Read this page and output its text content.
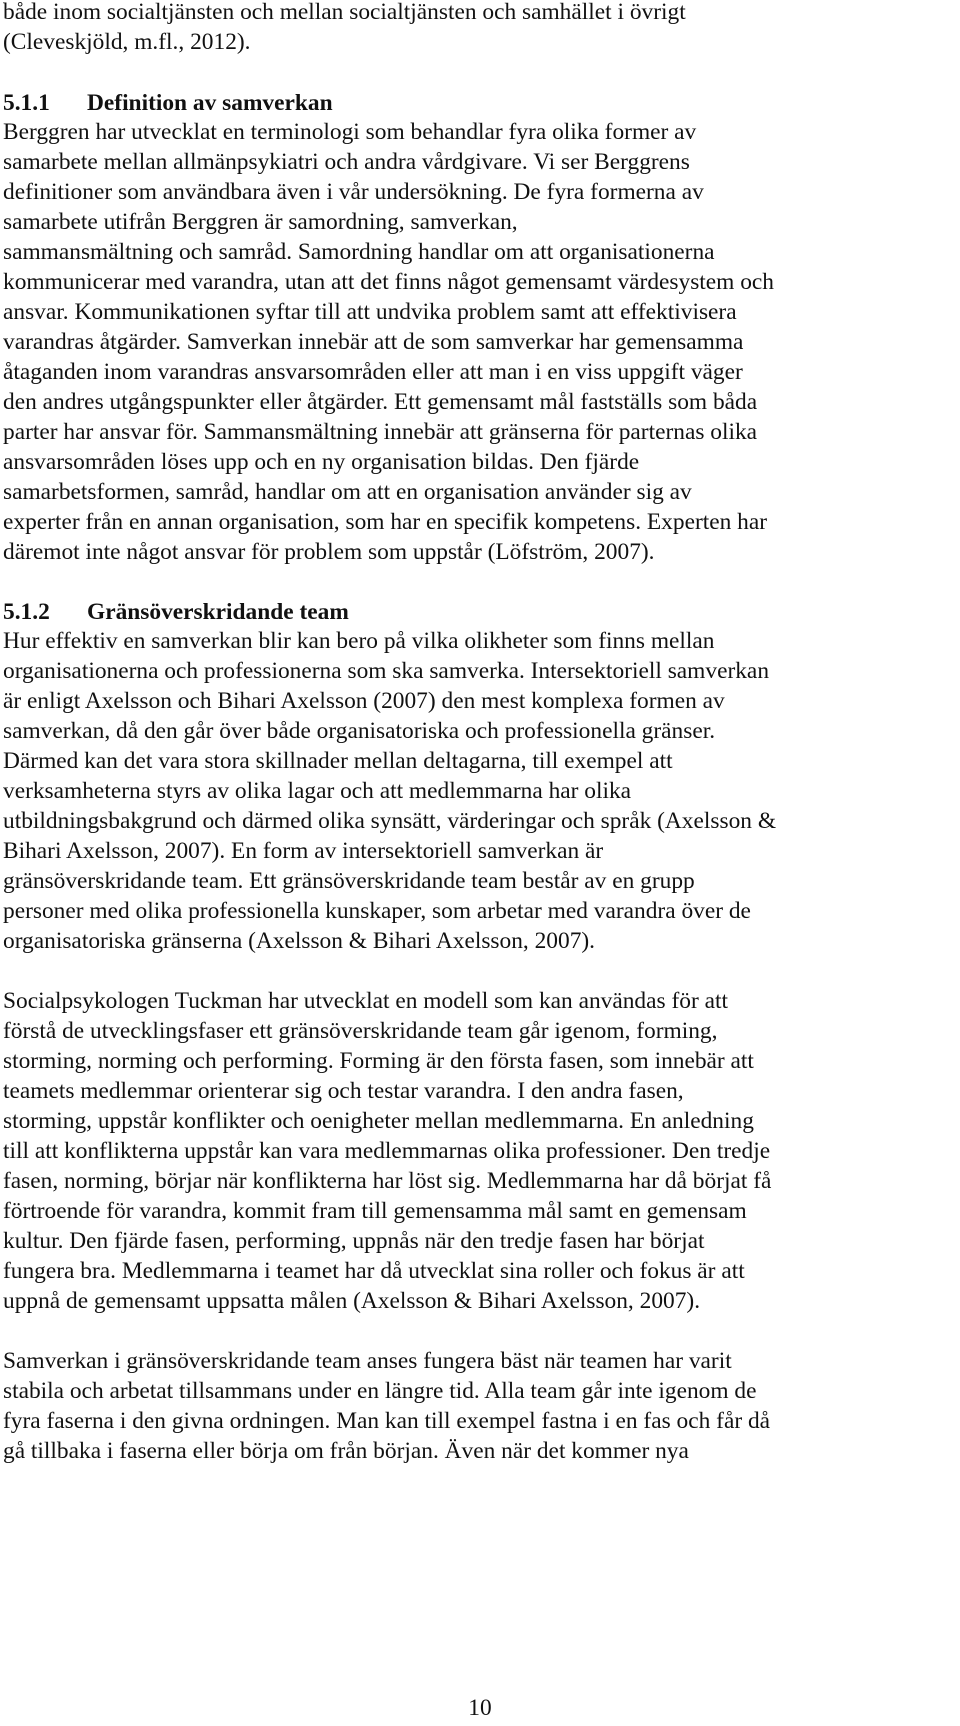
både inom socialtjänsten och mellan socialtjänsten och samhället i övrigt
(Cleveskjöld, m.fl., 2012).
5.1.1 Definition av samverkan
Berggren har utvecklat en terminologi som behandlar fyra olika former av
samarbete mellan allmänpsykiatri och andra vårdgivare. Vi ser Berggrens
definitioner som användbara även i vår undersökning. De fyra formerna av
samarbete utifrån Berggren är samordning, samverkan,
sammansmältning och samråd. Samordning handlar om att organisationerna
kommunicerar med varandra, utan att det finns något gemensamt värdesystem och
ansvar. Kommunikationen syftar till att undvika problem samt att effektivisera
varandras åtgärder. Samverkan innebär att de som samverkar har gemensamma
åtaganden inom varandras ansvarsområden eller att man i en viss uppgift väger
den andres utgångspunkter eller åtgärder. Ett gemensamt mål fastställs som båda
parter har ansvar för. Sammansmältning innebär att gränserna för parternas olika
ansvarsområden löses upp och en ny organisation bildas. Den fjärde
samarbetsformen, samråd, handlar om att en organisation använder sig av
experter från en annan organisation, som har en specifik kompetens. Experten har
däremot inte något ansvar för problem som uppstår (Löfström, 2007).
5.1.2 Gränsöverskridande team
Hur effektiv en samverkan blir kan bero på vilka olikheter som finns mellan
organisationerna och professionerna som ska samverka. Intersektoriell samverkan
är enligt Axelsson och Bihari Axelsson (2007) den mest komplexa formen av
samverkan, då den går över både organisatoriska och professionella gränser.
Därmed kan det vara stora skillnader mellan deltagarna, till exempel att
verksamheterna styrs av olika lagar och att medlemmarna har olika
utbildningsbakgrund och därmed olika synsätt, värderingar och språk (Axelsson &
Bihari Axelsson, 2007). En form av intersektoriell samverkan är
gränsöverskridande team. Ett gränsöverskridande team består av en grupp
personer med olika professionella kunskaper, som arbetar med varandra över de
organisatoriska gränserna (Axelsson & Bihari Axelsson, 2007).
Socialpsykologen Tuckman har utvecklat en modell som kan användas för att
förstå de utvecklingsfaser ett gränsöverskridande team går igenom, forming,
storming, norming och performing. Forming är den första fasen, som innebär att
teamets medlemmar orienterar sig och testar varandra. I den andra fasen,
storming, uppstår konflikter och oenigheter mellan medlemmarna. En anledning
till att konflikterna uppstår kan vara medlemmarnas olika professioner. Den tredje
fasen, norming, börjar när konflikterna har löst sig. Medlemmarna har då börjat få
förtroende för varandra, kommit fram till gemensamma mål samt en gemensam
kultur. Den fjärde fasen, performing, uppnås när den tredje fasen har börjat
fungera bra. Medlemmarna i teamet har då utvecklat sina roller och fokus är att
uppnå de gemensamt uppsatta målen (Axelsson & Bihari Axelsson, 2007).
Samverkan i gränsöverskridande team anses fungera bäst när teamen har varit
stabila och arbetat tillsammans under en längre tid. Alla team går inte igenom de
fyra faserna i den givna ordningen. Man kan till exempel fastna i en fas och får då
gå tillbaka i faserna eller börja om från början. Även när det kommer nya
10
